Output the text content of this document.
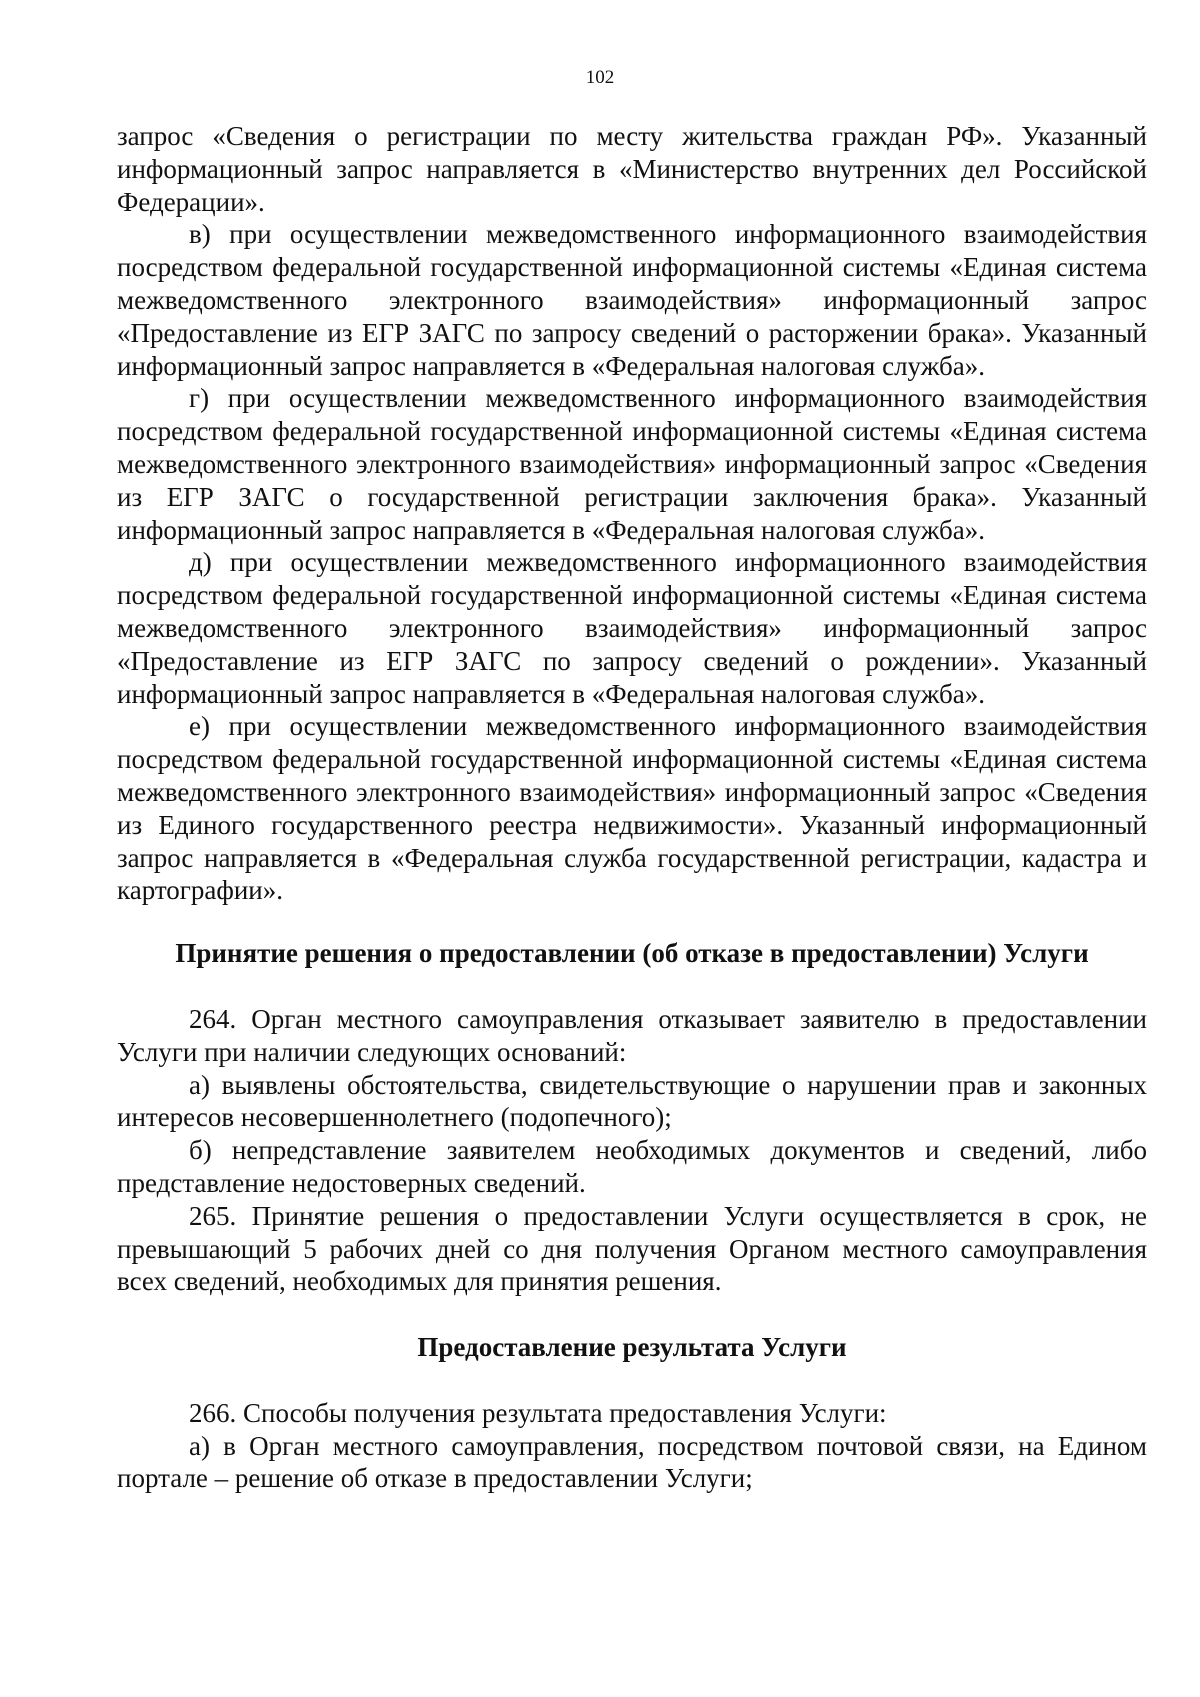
102

запрос «Сведения о регистрации по месту жительства граждан РФ». Указанный информационный запрос направляется в «Министерство внутренних дел Российской Федерации».

в) при осуществлении межведомственного информационного взаимодействия посредством федеральной государственной информационной системы «Единая система межведомственного электронного взаимодействия» информационный запрос «Предоставление из ЕГР ЗАГС по запросу сведений о расторжении брака». Указанный информационный запрос направляется в «Федеральная налоговая служба».

г) при осуществлении межведомственного информационного взаимодействия посредством федеральной государственной информационной системы «Единая система межведомственного электронного взаимодействия» информационный запрос «Сведения из ЕГР ЗАГС о государственной регистрации заключения брака». Указанный информационный запрос направляется в «Федеральная налоговая служба».

д) при осуществлении межведомственного информационного взаимодействия посредством федеральной государственной информационной системы «Единая система межведомственного электронного взаимодействия» информационный запрос «Предоставление из ЕГР ЗАГС по запросу сведений о рождении». Указанный информационный запрос направляется в «Федеральная налоговая служба».

е) при осуществлении межведомственного информационного взаимодействия посредством федеральной государственной информационной системы «Единая система межведомственного электронного взаимодействия» информационный запрос «Сведения из Единого государственного реестра недвижимости». Указанный информационный запрос направляется в «Федеральная служба государственной регистрации, кадастра и картографии».

Принятие решения о предоставлении (об отказе в предоставлении) Услуги

264. Орган местного самоуправления отказывает заявителю в предоставлении Услуги при наличии следующих оснований:

а) выявлены обстоятельства, свидетельствующие о нарушении прав и законных интересов несовершеннолетнего (подопечного);

б) непредставление заявителем необходимых документов и сведений, либо представление недостоверных сведений.

265. Принятие решения о предоставлении Услуги осуществляется в срок, не превышающий 5 рабочих дней со дня получения Органом местного самоуправления всех сведений, необходимых для принятия решения.

Предоставление результата Услуги

266. Способы получения результата предоставления Услуги:

а) в Орган местного самоуправления, посредством почтовой связи, на Едином портале – решение об отказе в предоставлении Услуги;
